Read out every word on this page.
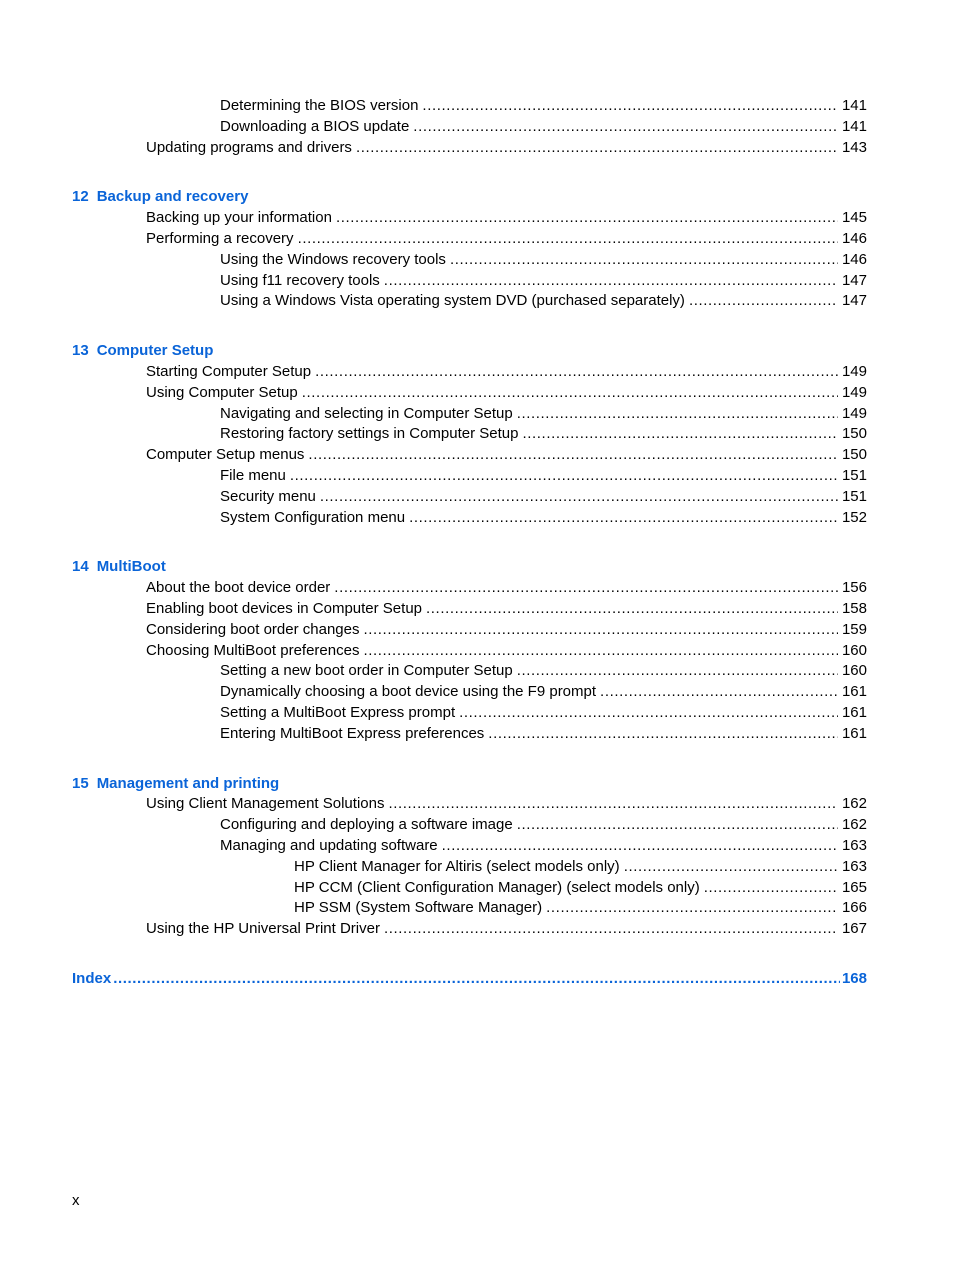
Determining the BIOS version .....	141
Downloading a BIOS update .....	141
Updating programs and drivers .....	143
12 Backup and recovery
Backing up your information .....	145
Performing a recovery .....	146
Using the Windows recovery tools .....	146
Using f11 recovery tools .....	147
Using a Windows Vista operating system DVD (purchased separately) .....	147
13 Computer Setup
Starting Computer Setup .....	149
Using Computer Setup .....	149
Navigating and selecting in Computer Setup .....	149
Restoring factory settings in Computer Setup .....	150
Computer Setup menus .....	150
File menu .....	151
Security menu .....	151
System Configuration menu .....	152
14 MultiBoot
About the boot device order .....	156
Enabling boot devices in Computer Setup .....	158
Considering boot order changes .....	159
Choosing MultiBoot preferences .....	160
Setting a new boot order in Computer Setup .....	160
Dynamically choosing a boot device using the F9 prompt .....	161
Setting a MultiBoot Express prompt .....	161
Entering MultiBoot Express preferences .....	161
15 Management and printing
Using Client Management Solutions .....	162
Configuring and deploying a software image .....	162
Managing and updating software .....	163
HP Client Manager for Altiris (select models only) .....	163
HP CCM (Client Configuration Manager) (select models only) .....	165
HP SSM (System Software Manager) .....	166
Using the HP Universal Print Driver .....	167
Index .....	168
x
